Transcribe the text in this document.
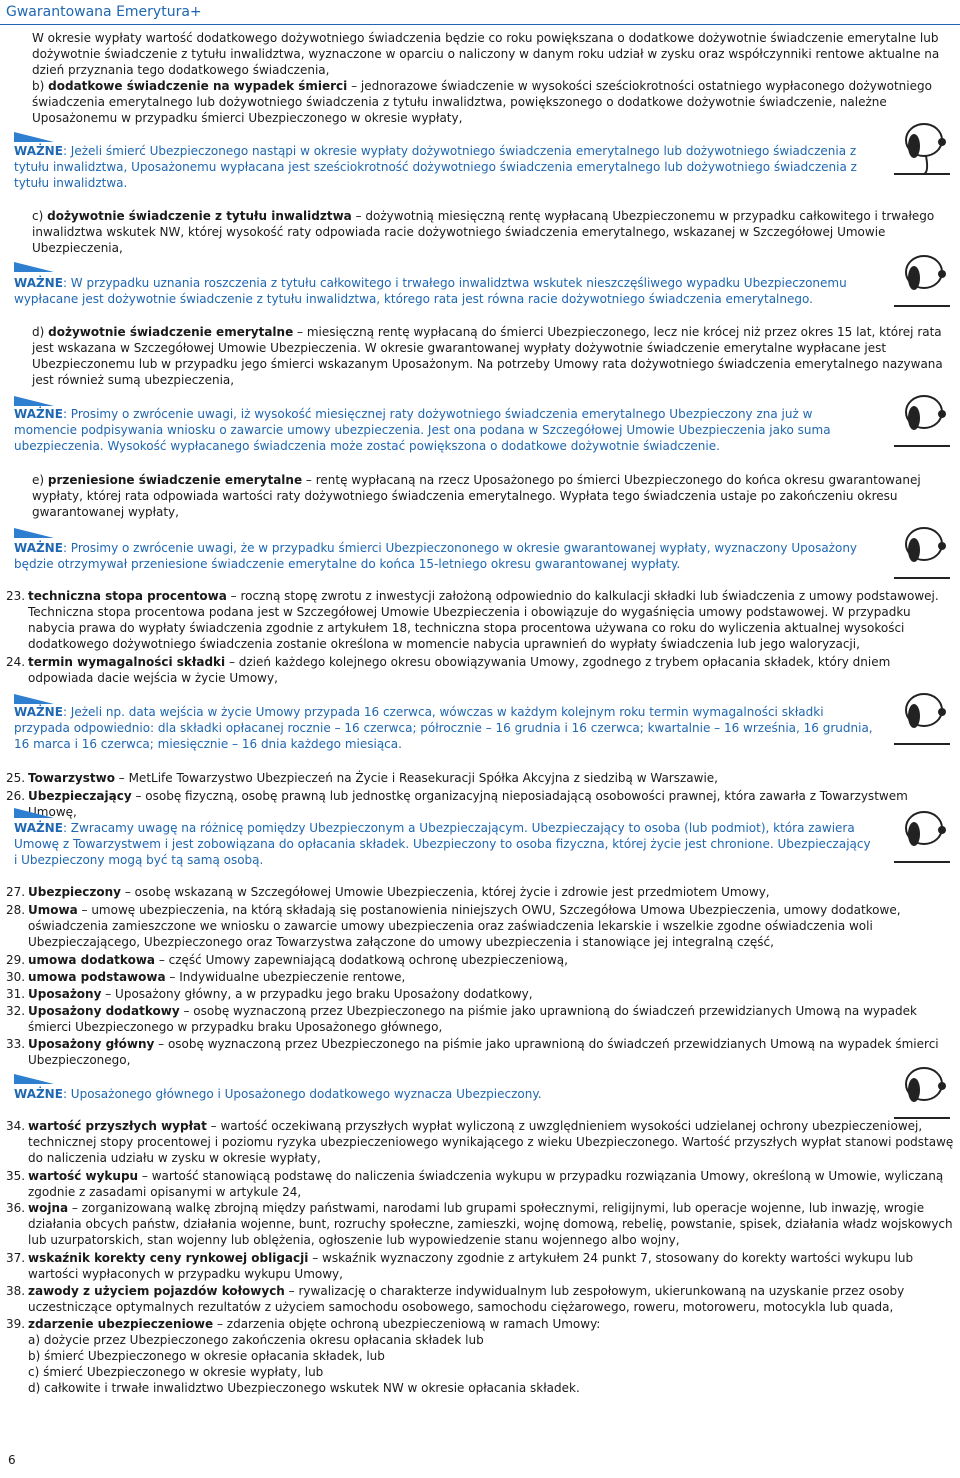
Gwarantowana Emerytura+
W okresie wypłaty wartość dodatkowego dożywotniego świadczenia będzie co roku powiększana o dodatkowe dożywotnie świadczenie emerytalne lub dożywotnie świadczenie z tytułu inwalidztwa, wyznaczone w oparciu o naliczony w danym roku udział w zysku oraz współczynniki rentowe aktualne na dzień przyznania tego dodatkowego świadczenia,
b) dodatkowe świadczenie na wypadek śmierci – jednorazowe świadczenie w wysokości sześciokrotności ostatniego wypłaconego dożywotniego świadczenia emerytalnego lub dożywotniego świadczenia z tytułu inwalidztwa, powiększonego o dodatkowe dożywotnie świadczenie, należne Uposażonemu w przypadku śmierci Ubezpieczonego w okresie wypłaty,
WAŻNE: Jeżeli śmierć Ubezpieczonego nastąpi w okresie wypłaty dożywotniego świadczenia emerytalnego lub dożywotniego świadczenia z tytułu inwalidztwa, Uposażonemu wypłacana jest sześciokrotność dożywotniego świadczenia emerytalnego lub dożywotniego świadczenia z tytułu inwalidztwa.
c) dożywotnie świadczenie z tytułu inwalidztwa – dożywotnią miesięczną rentę wypłacaną Ubezpieczonemu w przypadku całkowitego i trwałego inwalidztwa wskutek NW, której wysokość raty odpowiada racie dożywotniego świadczenia emerytalnego, wskazanej w Szczegółowej Umowie Ubezpieczenia,
WAŻNE: W przypadku uznania roszczenia z tytułu całkowitego i trwałego inwalidztwa wskutek nieszczęśliwego wypadku Ubezpieczonemu wypłacane jest dożywotnie świadczenie z tytułu inwalidztwa, którego rata jest równa racie dożywotniego świadczenia emerytalnego.
d) dożywotnie świadczenie emerytalne – miesięczną rentę wypłacaną do śmierci Ubezpieczonego, lecz nie krócej niż przez okres 15 lat, której rata jest wskazana w Szczegółowej Umowie Ubezpieczenia. W okresie gwarantowanej wypłaty dożywotnie świadczenie emerytalne wypłacane jest Ubezpieczonemu lub w przypadku jego śmierci wskazanym Uposażonym. Na potrzeby Umowy rata dożywotniego świadczenia emerytalnego nazywana jest również sumą ubezpieczenia,
WAŻNE: Prosimy o zwrócenie uwagi, iż wysokość miesięcznej raty dożywotniego świadczenia emerytalnego Ubezpieczony zna już w momencie podpisywania wniosku o zawarcie umowy ubezpieczenia. Jest ona podana w Szczegółowej Umowie Ubezpieczenia jako suma ubezpieczenia. Wysokość wypłacanego świadczenia może zostać powiększona o dodatkowe dożywotnie świadczenie.
e) przeniesione świadczenie emerytalne – rentę wypłacaną na rzecz Uposażonego po śmierci Ubezpieczonego do końca okresu gwarantowanej wypłaty, której rata odpowiada wartości raty dożywotniego świadczenia emerytalnego. Wypłata tego świadczenia ustaje po zakończeniu okresu gwarantowanej wypłaty,
WAŻNE: Prosimy o zwrócenie uwagi, że w przypadku śmierci Ubezpieczononego w okresie gwarantowanej wypłaty, wyznaczony Uposażony będzie otrzymywał przeniesione świadczenie emerytalne do końca 15-letniego okresu gwarantowanej wypłaty.
23. techniczna stopa procentowa – roczną stopę zwrotu z inwestycji założoną odpowiednio do kalkulacji składki lub świadczenia z umowy podstawowej. Techniczna stopa procentowa podana jest w Szczegółowej Umowie Ubezpieczenia i obowiązuje do wygaśnięcia umowy podstawowej. W przypadku nabycia prawa do wypłaty świadczenia zgodnie z artykułem 18, techniczna stopa procentowa używana co roku do wyliczenia aktualnej wysokości dodatkowego dożywotniego świadczenia zostanie określona w momencie nabycia uprawnień do wypłaty świadczenia lub jego waloryzacji,
24. termin wymagalności składki – dzień każdego kolejnego okresu obowiązywania Umowy, zgodnego z trybem opłacania składek, który dniem odpowiada dacie wejścia w życie Umowy,
WAŻNE: Jeżeli np. data wejścia w życie Umowy przypada 16 czerwca, wówczas w każdym kolejnym roku termin wymagalności składki przypada odpowiednio: dla składki opłacanej rocznie – 16 czerwca; półrocznie – 16 grudnia i 16 czerwca; kwartalnie – 16 września, 16 grudnia, 16 marca i 16 czerwca; miesięcznie – 16 dnia każdego miesiąca.
25. Towarzystwo – MetLife Towarzystwo Ubezpieczeń na Życie i Reasekuracji Spółka Akcyjna z siedzibą w Warszawie,
26. Ubezpieczający – osobę fizyczną, osobę prawną lub jednostkę organizacyjną nieposiadającą osobowości prawnej, która zawarła z Towarzystwem Umowę,
WAŻNE: Zwracamy uwagę na różnicę pomiędzy Ubezpieczonym a Ubezpieczającym. Ubezpieczający to osoba (lub podmiot), która zawiera Umowę z Towarzystwem i jest zobowiązana do opłacania składek. Ubezpieczony to osoba fizyczna, której życie jest chronione. Ubezpieczający i Ubezpieczony mogą być tą samą osobą.
27. Ubezpieczony – osobę wskazaną w Szczegółowej Umowie Ubezpieczenia, której życie i zdrowie jest przedmiotem Umowy,
28. Umowa – umowę ubezpieczenia, na którą składają się postanowienia niniejszych OWU, Szczegółowa Umowa Ubezpieczenia, umowy dodatkowe, oświadczenia zamieszczone we wniosku o zawarcie umowy ubezpieczenia oraz zaświadczenia lekarskie i wszelkie zgodne oświadczenia woli Ubezpieczającego, Ubezpieczonego oraz Towarzystwa załączone do umowy ubezpieczenia i stanowiące jej integralną część,
29. umowa dodatkowa – część Umowy zapewniającą dodatkową ochronę ubezpieczeniową,
30. umowa podstawowa – Indywidualne ubezpieczenie rentowe,
31. Uposażony – Uposażony główny, a w przypadku jego braku Uposażony dodatkowy,
32. Uposażony dodatkowy – osobę wyznaczoną przez Ubezpieczonego na piśmie jako uprawnioną do świadczeń przewidzianych Umową na wypadek śmierci Ubezpieczonego w przypadku braku Uposażonego głównego,
33. Uposażony główny – osobę wyznaczoną przez Ubezpieczonego na piśmie jako uprawnioną do świadczeń przewidzianych Umową na wypadek śmierci Ubezpieczonego,
WAŻNE: Uposażonego głównego i Uposażonego dodatkowego wyznacza Ubezpieczony.
34. wartość przyszłych wypłat – wartość oczekiwaną przyszłych wypłat wyliczoną z uwzględnieniem wysokości udzielanej ochrony ubezpieczeniowej, technicznej stopy procentowej i poziomu ryzyka ubezpieczeniowego wynikającego z wieku Ubezpieczonego. Wartość przyszłych wypłat stanowi podstawę do naliczenia udziału w zysku w okresie wypłaty,
35. wartość wykupu – wartość stanowiącą podstawę do naliczenia świadczenia wykupu w przypadku rozwiązania Umowy, określoną w Umowie, wyliczaną zgodnie z zasadami opisanymi w artykule 24,
36. wojna – zorganizowaną walkę zbrojną między państwami, narodami lub grupami społecznymi, religijnymi, lub operacje wojenne, lub inwazję, wrogie działania obcych państw, działania wojenne, bunt, rozruchy społeczne, zamieszki, wojnę domową, rebelię, powstanie, spisek, działania władz wojskowych lub uzurpatorskich, stan wojenny lub oblężenia, ogłoszenie lub wypowiedzenie stanu wojennego albo wojny,
37. wskaźnik korekty ceny rynkowej obligacji – wskaźnik wyznaczony zgodnie z artykułem 24 punkt 7, stosowany do korekty wartości wykupu lub wartości wypłaconych w przypadku wykupu Umowy,
38. zawody z użyciem pojazdów kołowych – rywalizację o charakterze indywidualnym lub zespołowym, ukierunkowaną na uzyskanie przez osoby uczestniczące optymalnych rezultatów z użyciem samochodu osobowego, samochodu ciężarowego, roweru, motoroweru, motocykla lub quada,
39. zdarzenie ubezpieczeniowe – zdarzenia objęte ochroną ubezpieczeniową w ramach Umowy:
a) dożycie przez Ubezpieczonego zakończenia okresu opłacania składek lub
b) śmierć Ubezpieczonego w okresie opłacania składek, lub
c) śmierć Ubezpieczonego w okresie wypłaty, lub
d) całkowite i trwałe inwalidztwo Ubezpieczonego wskutek NW w okresie opłacania składek.
6
